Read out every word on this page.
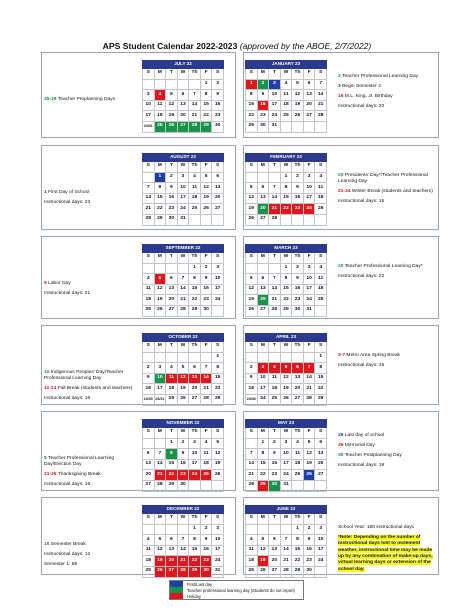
APS Student Calendar 2022-2023 (approved by the ABOE, 2/7/2022)

25-29 Teacher Preplanning Days

JULY 22						
S	M	T	W	Th	F	S
					1	2
3	4	5	6	7	8	9
10	11	12	13	14	15	16
17	18	19	20	21	22	23
24/31	25	26	27	28	29	30

2 Teacher Professional Learning Day

3 Begin Semester 2

16 M.L. King, Jr. Birthday

Instructional days: 20

JANUARY 23						
S	M	T	W	Th	F	S
1	2	3	4	5	6	7
8	9	10	11	12	13	14
15	16	17	18	19	20	21
22	23	24	25	26	27	28
29	30	31				

1 First Day of School

Instructional days: 23

AUGUST 22						
S	M	T	W	Th	F	S
	1	2	3	4	5	6
7	8	9	10	11	12	13
14	15	16	17	18	19	20
21	22	23	24	25	26	27
28	29	30	31			

20 Presidents’ Day*/Teacher Professional Learning Day

21-24 Winter Break (students and teachers)

Instructional days: 15

FEBRUARY 23						
S	M	T	W	Th	F	S
			1	2	3	4
5	6	7	8	9	10	11
12	13	14	15	16	17	18
19	20	21	22	23	24	25
26	27	28				

5 Labor Day

Instructional days: 21

SEPTEMBER 22						
S	M	T	W	Th	F	S
				1	2	3
4	5	6	7	8	9	10
11	12	13	14	15	16	17
18	19	20	21	22	23	24
25	26	27	28	29	30	

20 Teacher Professional Learning Day*

Instructional days: 22

MARCH 23						
S	M	T	W	Th	F	S
			1	2	3	4
5	6	7	8	9	10	11
12	13	14	15	16	17	18
19	20	21	22	23	24	25
26	27	28	29	30	31	

10 Indigenous Peoples’ Day/Teacher Professional Learning Day

11-14 Fall Break (students and teachers)

Instructional days: 16

OCTOBER 22						
S	M	T	W	Th	F	S
						1
2	3	4	5	6	7	8
9	10	11	12	13	14	15
16	17	18	19	20	21	22
23/30	24/31	25	26	27	28	29

3-7 Metro Area Spring Break

Instructional days: 15

APRIL 23						
S	M	T	W	Th	F	S
						1
2	3	4	5	6	7	8
9	10	11	12	13	14	15
16	17	18	19	20	21	22
23/30	24	25	26	27	28	29

8 Teacher Professional Learning Day/Election Day

21-25 Thanksgiving Break

Instructional days: 16

NOVEMBER 22						
S	M	T	W	Th	F	S
		1	2	3	4	5
6	7	8	9	10	11	12
13	14	15	16	17	18	19
20	21	22	23	24	25	26
27	28	29	30			

26 Last day of school

29 Memorial Day

30 Teacher Postplanning Day

Instructional days: 19

MAY 23						
S	M	T	W	Th	F	S
	1	2	3	4	5	6
7	8	9	10	11	12	13
14	15	16	17	18	19	20
21	22	23	24	25	26	27
28	29	30	31			

16 Semester Break

Instructional days: 12

Semester 1: 88

DECEMBER 22						
S	M	T	W	Th	F	S
				1	2	3
4	5	6	7	8	9	10
11	12	13	14	15	16	17
18	19	20	21	22	23	24
25	26	27	28	29	30	31

School Year: 180 instructional days

*Note: Depending on the number of instructional days lost to inclement weather, instructional time may be made up by any combination of make-up days, virtual learning days or extension of the school day.

JUNE 23						
S	M	T	W	Th	F	S
				1	2	3
4	5	6	7	8	9	10
11	12	13	14	15	16	17
18	19	20	21	22	23	24
25	26	27	28	29	30	
First/Last day
Teacher professional learning day (Students do not report)
Holiday
